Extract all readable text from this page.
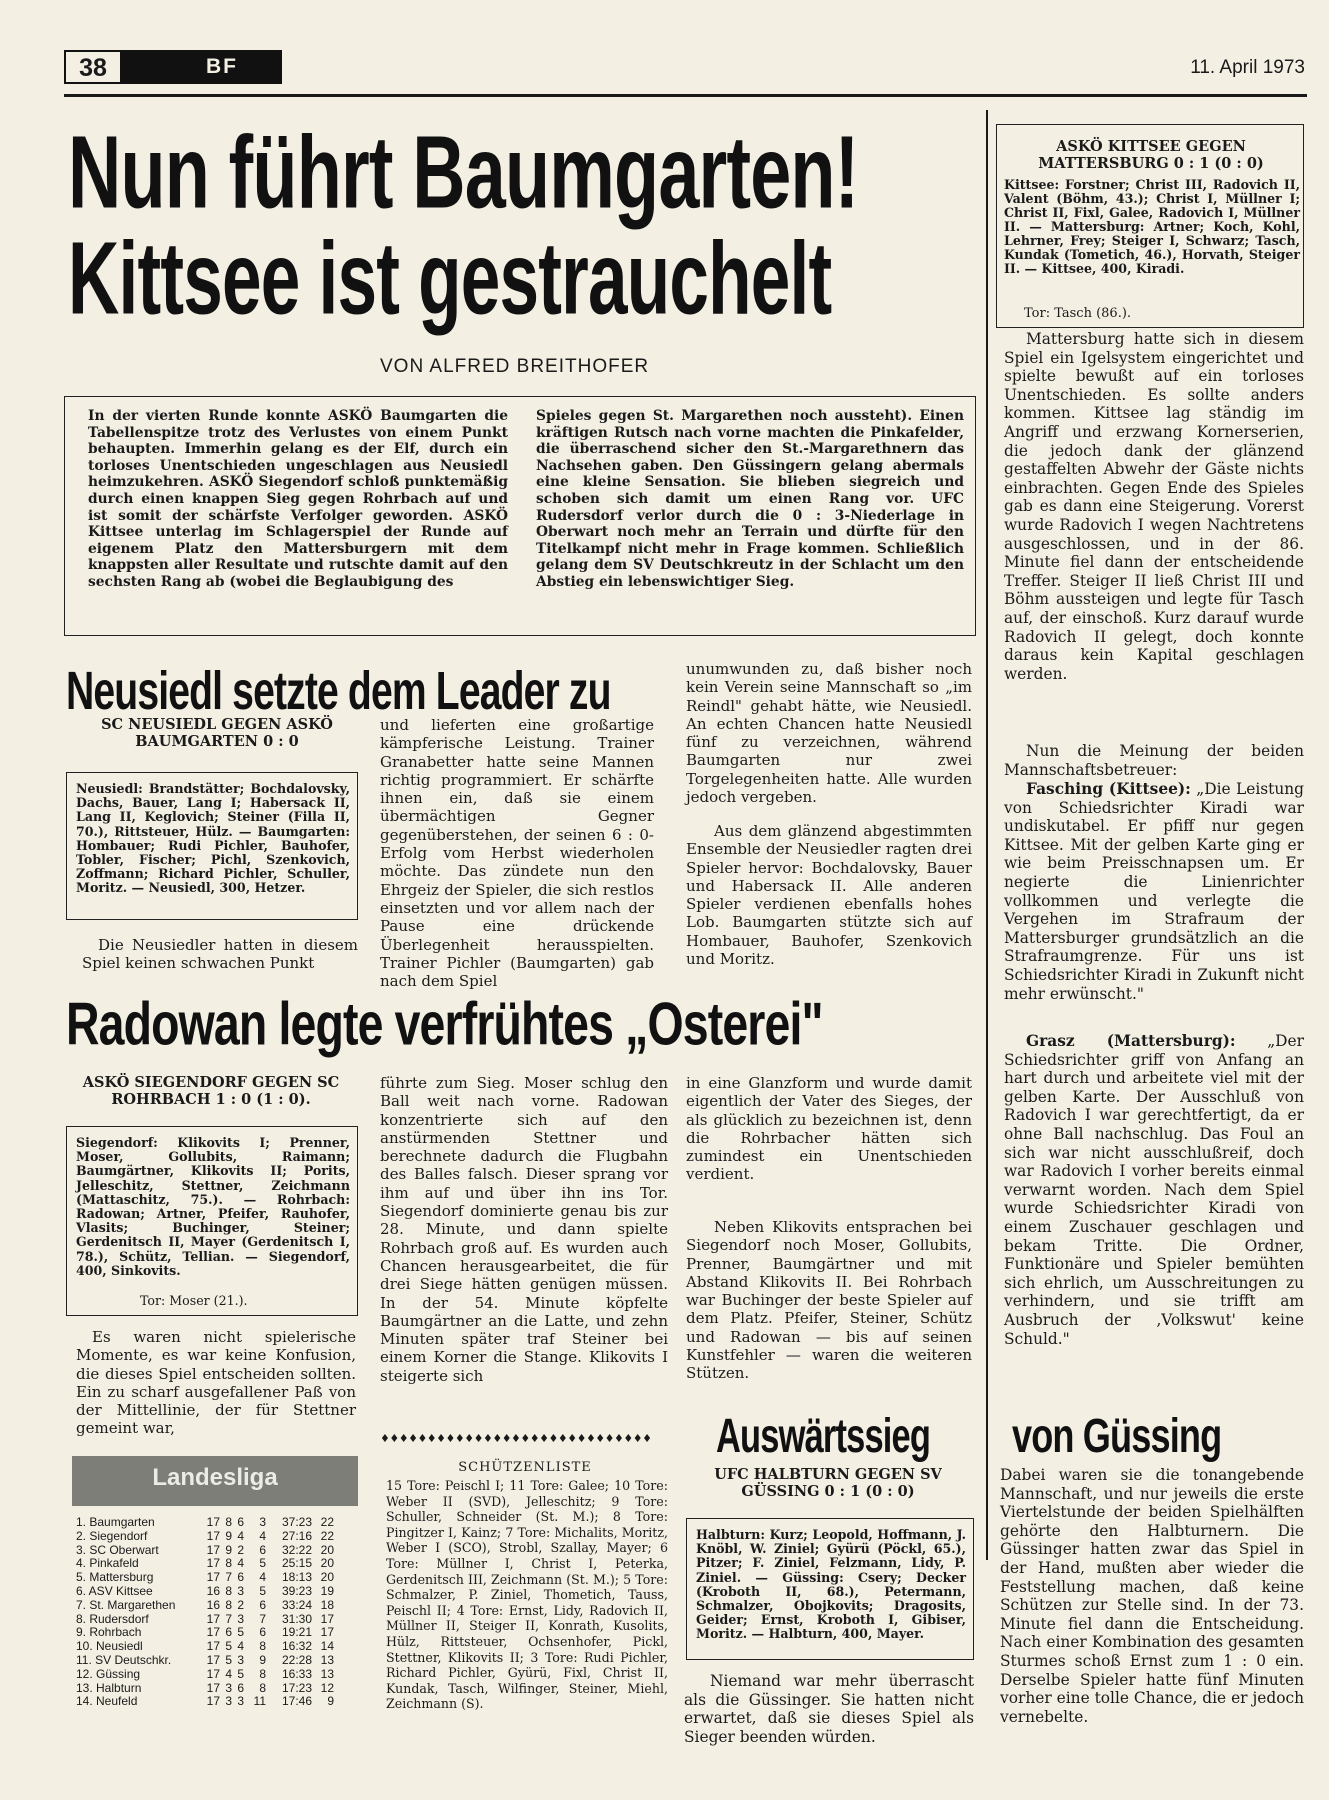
38	BF	11. April 1973
Nun führt Baumgarten!
Kittsee ist gestrauchelt
VON ALFRED BREITHOFER

In der vierten Runde konnte ASKÖ Baumgarten die Tabellenspitze trotz des Verlustes von einem Punkt behaupten. Immerhin gelang es der Elf, durch ein torloses Unentschieden ungeschlagen aus Neusiedl heimzukehren. ASKÖ Siegendorf schloß punktemäßig durch einen knappen Sieg gegen Rohrbach auf und ist somit der schärfste Verfolger geworden. ASKÖ Kittsee unterlag im Schlagerspiel der Runde auf eigenem Platz den Mattersburgern mit dem knappsten aller Resultate und rutschte damit auf den sechsten Rang ab (wobei die Beglaubigung des

Spieles gegen St. Margarethen noch aussteht). Einen kräftigen Rutsch nach vorne machten die Pinkafelder, die überraschend sicher den St.-Margarethnern das Nachsehen gaben. Den Güssingern gelang abermals eine kleine Sensation. Sie blieben siegreich und schoben sich damit um einen Rang vor. UFC Rudersdorf verlor durch die 0 : 3-Niederlage in Oberwart noch mehr an Terrain und dürfte für den Titelkampf nicht mehr in Frage kommen. Schließlich gelang dem SV Deutschkreutz in der Schlacht um den Abstieg ein lebenswichtiger Sieg.

ASKÖ KITTSEE GEGEN MATTERSBURG 0 : 1 (0 : 0)

Kittsee: Forstner; Christ III, Radovich II, Valent (Böhm, 43.); Christ I, Müllner I; Christ II, Fixl, Galee, Radovich I, Müllner II. — Mattersburg: Artner; Koch, Kohl, Lehrner, Frey; Steiger I, Schwarz; Tasch, Kundak (Tometich, 46.), Horvath, Steiger II. — Kittsee, 400, Kiradi.

Tor: Tasch (86.).

Mattersburg hatte sich in diesem Spiel ein Igelsystem eingerichtet und spielte bewußt auf ein torloses Unentschieden. Es sollte anders kommen. Kittsee lag ständig im Angriff und erzwang Kornerserien, die jedoch dank der glänzend gestaffelten Abwehr der Gäste nichts einbrachten. Gegen Ende des Spieles gab es dann eine Steigerung. Vorerst wurde Radovich I wegen Nachtretens ausgeschlossen, und in der 86. Minute fiel dann der entscheidende Treffer. Steiger II ließ Christ III und Böhm aussteigen und legte für Tasch auf, der einschoß. Kurz darauf wurde Radovich II gelegt, doch konnte daraus kein Kapital geschlagen werden.

Nun die Meinung der beiden Mannschaftsbetreuer:

Fasching (Kittsee): „Die Leistung von Schiedsrichter Kiradi war undiskutabel. Er pfiff nur gegen Kittsee. Mit der gelben Karte ging er wie beim Preisschnapsen um. Er negierte die Linienrichter vollkommen und verlegte die Vergehen im Strafraum der Mattersburger grundsätzlich an die Strafraumgrenze. Für uns ist Schiedsrichter Kiradi in Zukunft nicht mehr erwünscht."

Grasz (Mattersburg): „Der Schiedsrichter griff von Anfang an hart durch und arbeitete viel mit der gelben Karte. Der Ausschluß von Radovich I war gerechtfertigt, da er ohne Ball nachschlug. Das Foul an sich war nicht ausschlußreif, doch war Radovich I vorher bereits einmal verwarnt worden. Nach dem Spiel wurde Schiedsrichter Kiradi von einem Zuschauer geschlagen und bekam Tritte. Die Ordner, Funktionäre und Spieler bemühten sich ehrlich, um Ausschreitungen zu verhindern, und sie trifft am Ausbruch der ‚Volkswut' keine Schuld."

Neusiedl setzte dem Leader zu
SC NEUSIEDL GEGEN ASKÖ BAUMGARTEN 0 : 0

Neusiedl: Brandstätter; Bochdalovsky, Dachs, Bauer, Lang I; Habersack II, Lang II, Keglovich; Steiner (Filla II, 70.), Rittsteuer, Hülz. — Baumgarten: Hombauer; Rudi Pichler, Bauhofer, Tobler, Fischer; Pichl, Szenkovich, Zoffmann; Richard Pichler, Schuller, Moritz. — Neusiedl, 300, Hetzer.

Die Neusiedler hatten in diesem Spiel keinen schwachen Punkt

und lieferten eine großartige kämpferische Leistung. Trainer Granabetter hatte seine Mannen richtig programmiert. Er schärfte ihnen ein, daß sie einem übermächtigen Gegner gegenüberstehen, der seinen 6 : 0-Erfolg vom Herbst wiederholen möchte. Das zündete nun den Ehrgeiz der Spieler, die sich restlos einsetzten und vor allem nach der Pause eine drückende Überlegenheit herausspielten. Trainer Pichler (Baumgarten) gab nach dem Spiel

unumwunden zu, daß bisher noch kein Verein seine Mannschaft so „im Reindl" gehabt hätte, wie Neusiedl. An echten Chancen hatte Neusiedl fünf zu verzeichnen, während Baumgarten nur zwei Torgelegenheiten hatte. Alle wurden jedoch vergeben.

Aus dem glänzend abgestimmten Ensemble der Neusiedler ragten drei Spieler hervor: Bochdalovsky, Bauer und Habersack II. Alle anderen Spieler verdienen ebenfalls hohes Lob. Baumgarten stützte sich auf Hombauer, Bauhofer, Szenkovich und Moritz.

Radowan legte verfrühtes „Osterei"
ASKÖ SIEGENDORF GEGEN SC ROHRBACH 1 : 0 (1 : 0).

Siegendorf: Klikovits I; Prenner, Moser, Gollubits, Raimann; Baumgärtner, Klikovits II; Porits, Jelleschitz, Stettner, Zeichmann (Mattaschitz, 75.). — Rohrbach: Radowan; Artner, Pfeifer, Rauhofer, Vlasits; Buchinger, Steiner; Gerdenitsch II, Mayer (Gerdenitsch I, 78.), Schütz, Tellian. — Siegendorf, 400, Sinkovits.

Tor: Moser (21.).

Es waren nicht spielerische Momente, es war keine Konfusion, die dieses Spiel entscheiden sollten. Ein zu scharf ausgefallener Paß von der Mittellinie, der für Stettner gemeint war,

führte zum Sieg. Moser schlug den Ball weit nach vorne. Radowan konzentrierte sich auf den anstürmenden Stettner und berechnete dadurch die Flugbahn des Balles falsch. Dieser sprang vor ihm auf und über ihn ins Tor. Siegendorf dominierte genau bis zur 28. Minute, und dann spielte Rohrbach groß auf. Es wurden auch Chancen herausgearbeitet, die für drei Siege hätten genügen müssen. In der 54. Minute köpfelte Baumgärtner an die Latte, und zehn Minuten später traf Steiner bei einem Korner die Stange. Klikovits I steigerte sich

in eine Glanzform und wurde damit eigentlich der Vater des Sieges, der als glücklich zu bezeichnen ist, denn die Rohrbacher hätten sich zumindest ein Unentschieden verdient.

Neben Klikovits entsprachen bei Siegendorf noch Moser, Gollubits, Prenner, Baumgärtner und mit Abstand Klikovits II. Bei Rohrbach war Buchinger der beste Spieler auf dem Platz. Pfeifer, Steiner, Schütz und Radowan — bis auf seinen Kunstfehler — waren die weiteren Stützen.

Landesliga
1. Baumgarten	17 8 6	3	37:23 22
2. Siegendorf	17 9 4	4	27:16 22
3. SC Oberwart	17 9 2	6	32:22 20
4. Pinkafeld	17 8 4	5	25:15 20
5. Mattersburg	17 7 6	4	18:13 20
6. ASV Kittsee	16 8 3	5	39:23 19
7. St. Margarethen	16 8 2	6	33:24 18
8. Rudersdorf	17 7 3	7	31:30 17
9. Rohrbach	17 6 5	6	19:21 17
10. Neusiedl	17 5 4	8	16:32 14
11. SV Deutschkr.	17 5 3	9	22:28 13
12. Güssing	17 4 5	8	16:33 13
13. Halbturn	17 3 6	8	17:23 12
14. Neufeld	17 3 3 11	17:46	9
♦♦♦♦♦♦♦♦♦♦♦♦♦♦♦♦♦♦♦♦♦♦♦♦♦♦♦♦♦
SCHÜTZENLISTE

15 Tore: Peischl I; 11 Tore: Galee; 10 Tore: Weber II (SVD), Jelleschitz; 9 Tore: Schuller, Schneider (St. M.); 8 Tore: Pingitzer I, Kainz; 7 Tore: Michalits, Moritz, Weber I (SCO), Strobl, Szallay, Mayer; 6 Tore: Müllner I, Christ I, Peterka, Gerdenitsch III, Zeichmann (St. M.); 5 Tore: Schmalzer, P. Ziniel, Thometich, Tauss, Peischl II; 4 Tore: Ernst, Lidy, Radovich II, Müllner II, Steiger II, Konrath, Kusolits, Hülz, Rittsteuer, Ochsenhofer, Pickl, Stettner, Klikovits II; 3 Tore: Rudi Pichler, Richard Pichler, Gyürü, Fixl, Christ II, Kundak, Tasch, Wilfinger, Steiner, Miehl, Zeichmann (S).

Auswärtssieg von Güssing
UFC HALBTURN GEGEN SV GÜSSING 0 : 1 (0 : 0)

Halbturn: Kurz; Leopold, Hoffmann, J. Knöbl, W. Ziniel; Gyürü (Pöckl, 65.), Pitzer; F. Ziniel, Felzmann, Lidy, P. Ziniel. — Güssing: Csery; Decker (Kroboth II, 68.), Petermann, Schmalzer, Obojkovits; Dragosits, Geider; Ernst, Kroboth I, Gibiser, Moritz. — Halbturn, 400, Mayer.

Niemand war mehr überrascht als die Güssinger. Sie hatten nicht erwartet, daß sie dieses Spiel als Sieger beenden würden.

Dabei waren sie die tonangebende Mannschaft, und nur jeweils die erste Viertelstunde der beiden Spielhälften gehörte den Halbturnern. Die Güssinger hatten zwar das Spiel in der Hand, mußten aber wieder die Feststellung machen, daß keine Schützen zur Stelle sind. In der 73. Minute fiel dann die Entscheidung. Nach einer Kombination des gesamten Sturmes schoß Ernst zum 1 : 0 ein. Derselbe Spieler hatte fünf Minuten vorher eine tolle Chance, die er jedoch vernebelte.
